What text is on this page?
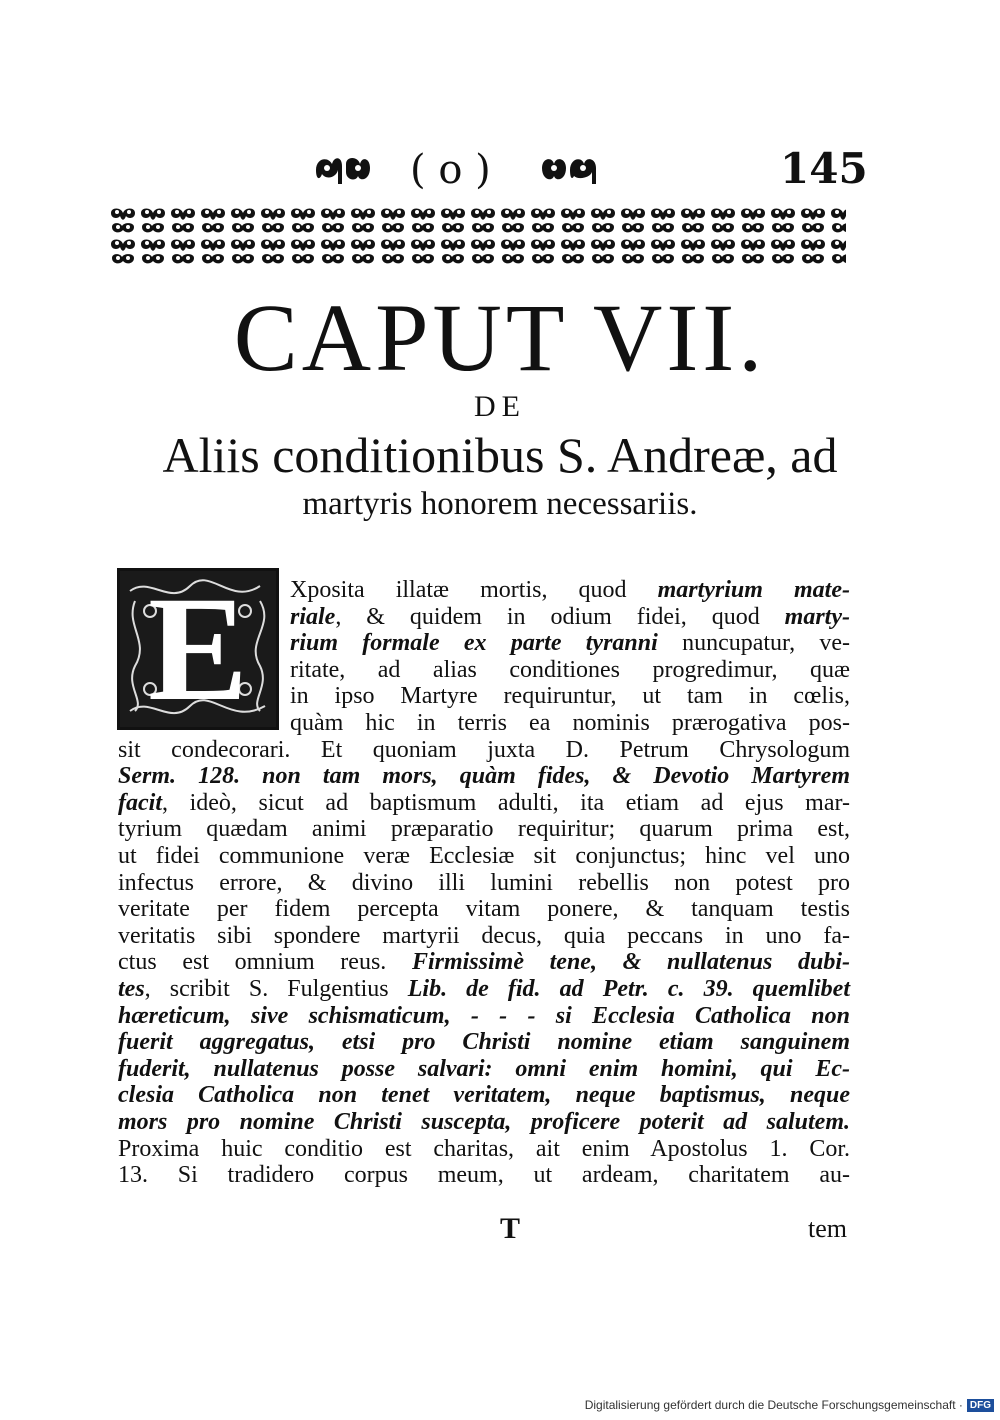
( o )	145
CAPUT VII.
DE
Aliis conditionibus S. Andreæ, ad
martyris honorem necessariis.
E	Xposita illatæ mortis, quod martyrium mate-
riale, & quidem in odium fidei, quod marty-
rium formale ex parte tyranni nuncupatur, ve-
ritate, ad alias conditiones progredimur, quæ
in ipso Martyre requiruntur, ut tam in cœlis,
quàm hic in terris ea nominis prærogativa pos-
sit condecorari. Et quoniam juxta D. Petrum Chrysologum
Serm. 128. non tam mors, quàm fides, & Devotio Martyrem
facit, ideò, sicut ad baptismum adulti, ita etiam ad ejus mar-
tyrium quædam animi præparatio requiritur; quarum prima est,
ut fidei communione veræ Ecclesiæ sit conjunctus; hinc vel uno
infectus errore, & divino illi lumini rebellis non potest pro
veritate per fidem percepta vitam ponere, & tanquam testis
veritatis sibi spondere martyrii decus, quia peccans in uno fa-
ctus est omnium reus. Firmissimè tene, & nullatenus dubi-
tes, scribit S. Fulgentius Lib. de fid. ad Petr. c. 39. quemlibet
hæreticum, sive schismaticum, - - - si Ecclesia Catholica non
fuerit aggregatus, etsi pro Christi nomine etiam sanguinem
fuderit, nullatenus posse salvari: omni enim homini, qui Ec-
clesia Catholica non tenet veritatem, neque baptismus, neque
mors pro nomine Christi suscepta, proficere poterit ad salutem.
Proxima huic conditio est charitas, ait enim Apostolus 1. Cor.
13. Si tradidero corpus meum, ut ardeam, charitatem au-
T	tem
Digitalisierung gefördert durch die Deutsche Forschungsgemeinschaft · DFG
